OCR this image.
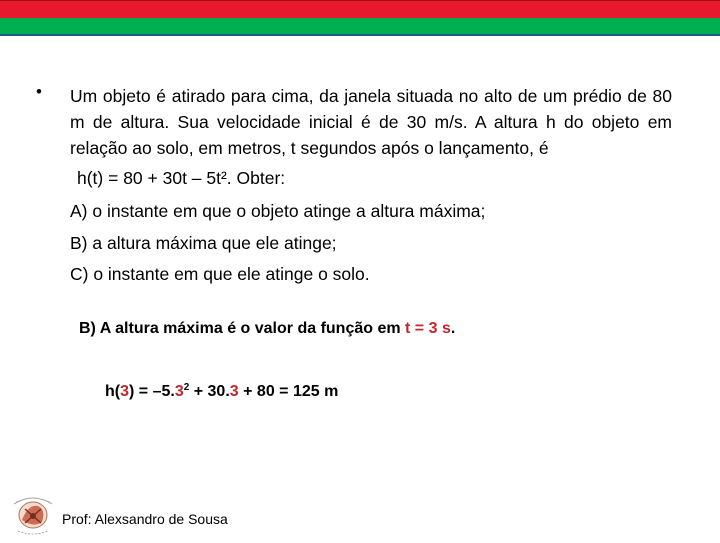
• Um objeto é atirado para cima, da janela situada no alto de um prédio de 80 m de altura. Sua velocidade inicial é de 30 m/s. A altura h do objeto em relação ao solo, em metros, t segundos após o lançamento, é
h(t) = 80 + 30t – 5t². Obter:
A) o instante em que o objeto atinge a altura máxima;
B) a altura máxima que ele atinge;
C) o instante em que ele atinge o solo.
B) A altura máxima é o valor da função em t = 3 s.
$h(3) = -5.3^2 + 30.3 + 80 = 125$ m
Prof: Alexsandro de Sousa
